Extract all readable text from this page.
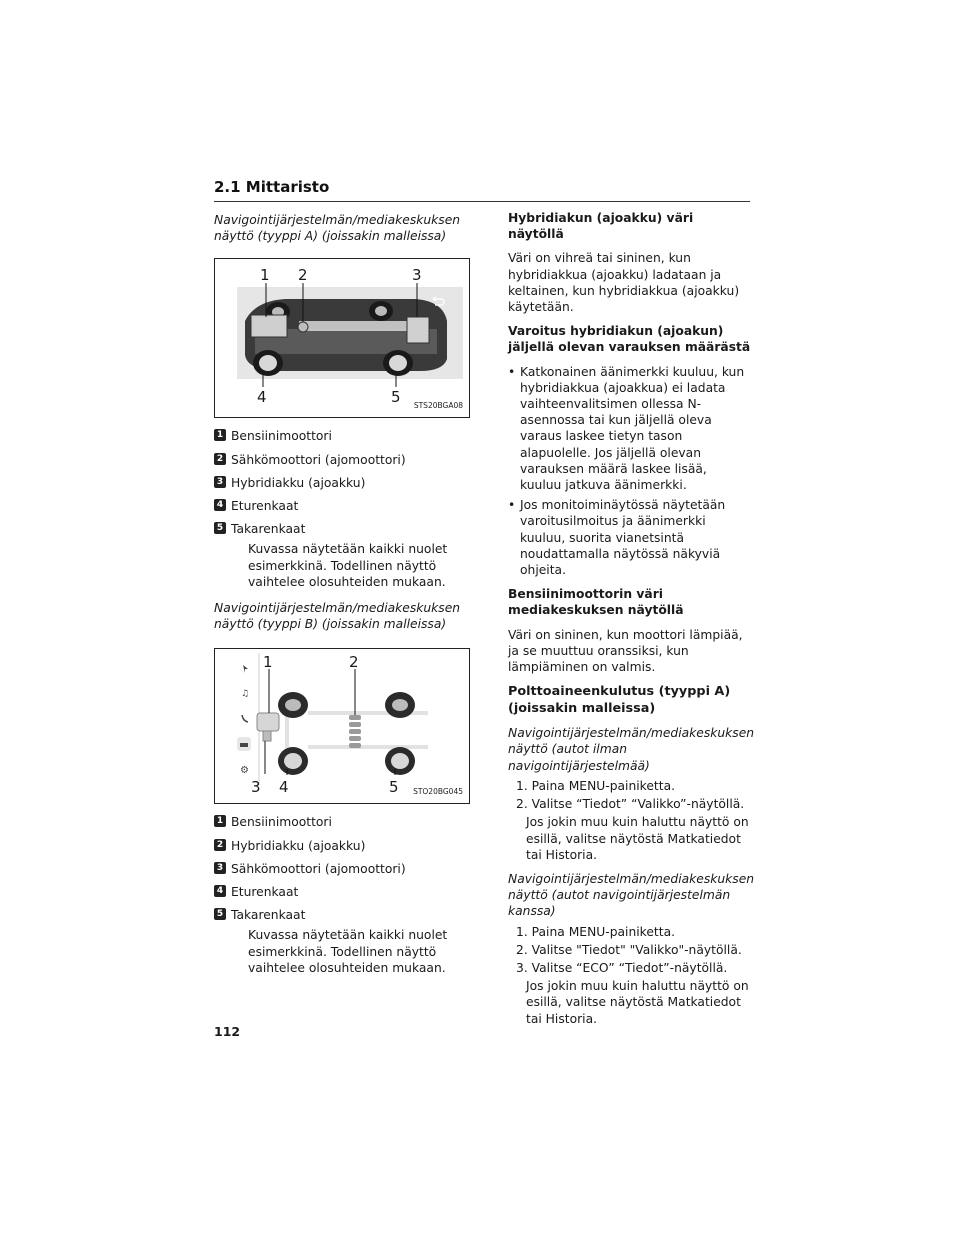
2.1 Mittaristo

Navigointijärjestelmän/mediakeskuksen näyttö (tyyppi A) (joissakin malleissa)

1 2	3
4	5 STS20BGA08
1 Bensiinimoottori
2 Sähkömoottori (ajomoottori)
3 Hybridiakku (ajoakku)
4 Eturenkaat
5 Takarenkaat

Kuvassa näytetään kaikki nuolet esimerkkinä. Todellinen näyttö vaihtelee olosuhteiden mukaan.

Navigointijärjestelmän/mediakeskuksen näyttö (tyyppi B) (joissakin malleissa)

♫
⚙
1	2
3 4	5 STO20BG045
1 Bensiinimoottori
2 Hybridiakku (ajoakku)
3 Sähkömoottori (ajomoottori)
4 Eturenkaat
5 Takarenkaat

Kuvassa näytetään kaikki nuolet esimerkkinä. Todellinen näyttö vaihtelee olosuhteiden mukaan.

Hybridiakun (ajoakku) väri näytöllä

Väri on vihreä tai sininen, kun hybridiakkua (ajoakku) ladataan ja keltainen, kun hybridiakkua (ajoakku) käytetään.

Varoitus hybridiakun (ajoakun) jäljellä olevan varauksen määrästä

• Katkonainen äänimerkki kuuluu, kun hybridiakkua (ajoakkua) ei ladata vaihteenvalitsimen ollessa N-asennossa tai kun jäljellä oleva varaus laskee tietyn tason alapuolelle. Jos jäljellä olevan varauksen määrä laskee lisää, kuuluu jatkuva äänimerkki.
• Jos monitoiminäytössä näytetään varoitusilmoitus ja äänimerkki kuuluu, suorita vianetsintä noudattamalla näytössä näkyviä ohjeita.

Bensiinimoottorin väri mediakeskuksen näytöllä

Väri on sininen, kun moottori lämpiää, ja se muuttuu oranssiksi, kun lämpiäminen on valmis.

Polttoaineenkulutus (tyyppi A) (joissakin malleissa)

Navigointijärjestelmän/mediakeskuksen näyttö (autot ilman navigointijärjestelmää)

1. Paina MENU-painiketta.
2. Valitse “Tiedot” “Valikko”-näytöllä.

Jos jokin muu kuin haluttu näyttö on esillä, valitse näytöstä Matkatiedot tai Historia.

Navigointijärjestelmän/mediakeskuksen näyttö (autot navigointijärjestelmän kanssa)

1. Paina MENU-painiketta.
2. Valitse "Tiedot" "Valikko"-näytöllä.
3. Valitse “ECO” “Tiedot”-näytöllä.

Jos jokin muu kuin haluttu näyttö on esillä, valitse näytöstä Matkatiedot tai Historia.

112
